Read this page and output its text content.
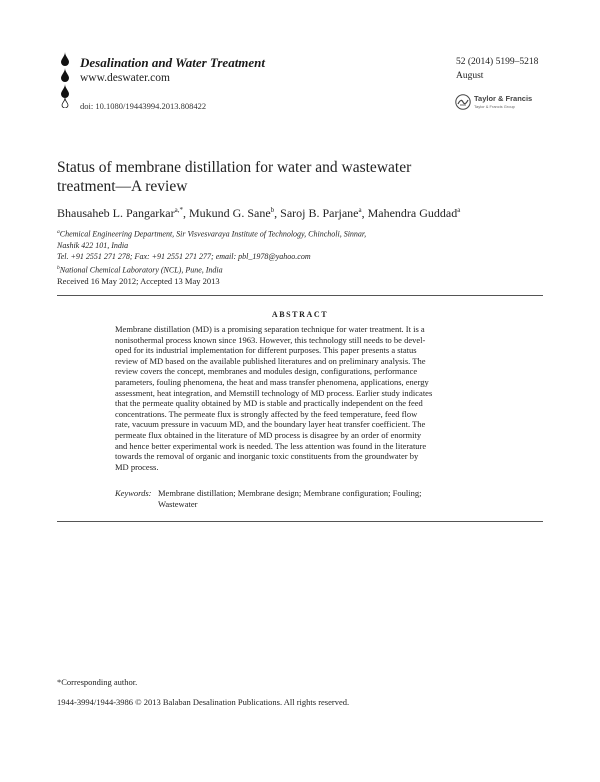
Desalination and Water Treatment
www.deswater.com
doi: 10.1080/19443994.2013.808422
52 (2014) 5199–5218
August
Taylor & Francis
Taylor & Francis Group
Status of membrane distillation for water and wastewater
treatment—A review
Bhausaheb L. Pangarkar$^{a,*}$, Mukund G. Sane$^b$, Saroj B. Parjane$^a$, Mahendra Guddad$^a$
$^a$Chemical Engineering Department, Sir Visvesvaraya Institute of Technology, Chincholi, Sinnar,
Nashik 422 101, India
Tel. +91 2551 271 278; Fax: +91 2551 271 277; email: pbl_1978@yahoo.com
$^b$National Chemical Laboratory (NCL), Pune, India
Received 16 May 2012; Accepted 13 May 2013
ABSTRACT
Membrane distillation (MD) is a promising separation technique for water treatment. It is a
nonisothermal process known since 1963. However, this technology still needs to be devel-
oped for its industrial implementation for different purposes. This paper presents a status
review of MD based on the available published literatures and on preliminary analysis. The
review covers the concept, membranes and modules design, configurations, performance
parameters, fouling phenomena, the heat and mass transfer phenomena, applications, energy
assessment, heat integration, and Memstill technology of MD process. Earlier study indicates
that the permeate quality obtained by MD is stable and practically independent on the feed
concentrations. The permeate flux is strongly affected by the feed temperature, feed flow
rate, vacuum pressure in vacuum MD, and the boundary layer heat transfer coefficient. The
permeate flux obtained in the literature of MD process is disagree by an order of enormity
and hence better experimental work is needed. The less attention was found in the literature
towards the removal of organic and inorganic toxic constituents from the groundwater by
MD process.
Keywords: Membrane distillation; Membrane design; Membrane configuration; Fouling;
Wastewater
*Corresponding author.
1944-3994/1944-3986 © 2013 Balaban Desalination Publications. All rights reserved.
